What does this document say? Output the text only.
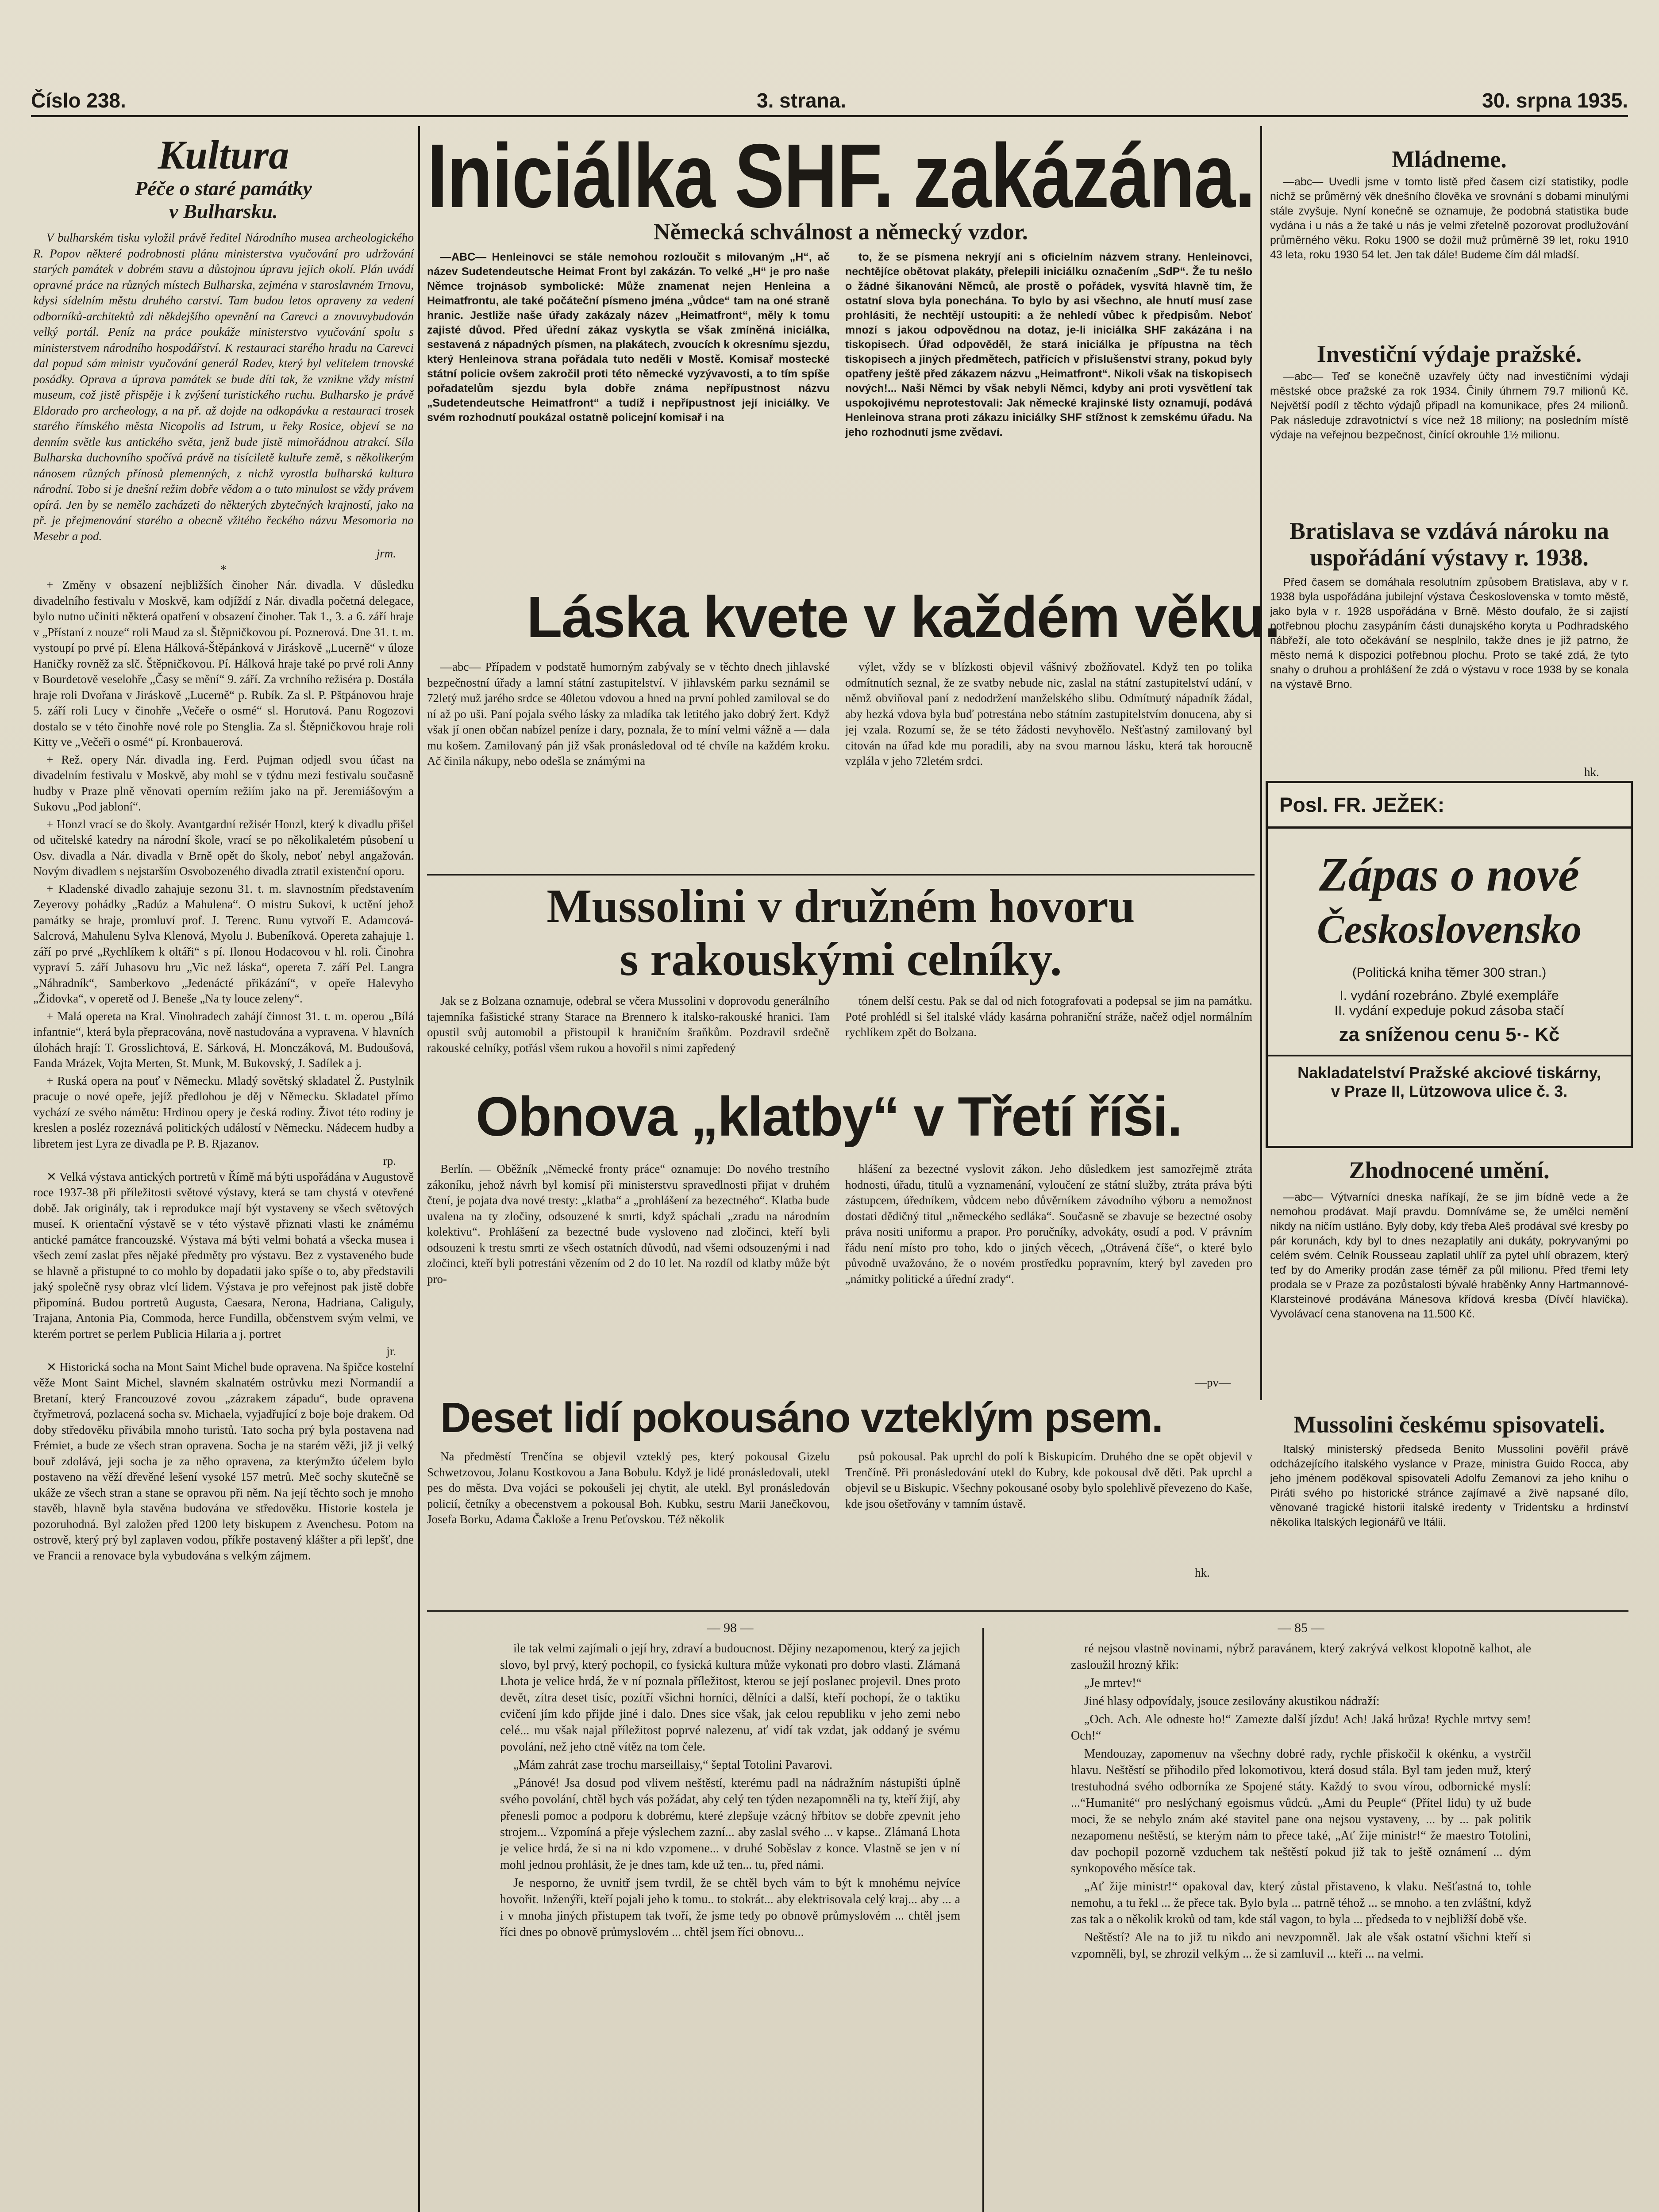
Číslo 238.	3. strana.	30. srpna 1935.
Kultura
Péče o staré památky
v Bulharsku.

V bulharském tisku vyložil právě ředitel Národního musea archeologického R. Popov některé podrobnosti plánu ministerstva vyučování pro udržování starých památek v dobrém stavu a důstojnou úpravu jejich okolí. Plán uvádí opravné práce na různých místech Bulharska, zejména v staroslavném Trnovu, kdysi sídelním městu druhého carství. Tam budou letos opraveny za vedení odborníků-architektů zdi někdejšího opevnění na Carevci a znovuvybudován velký portál. Peníz na práce poukáže ministerstvo vyučování spolu s ministerstvem národního hospodářství. K restauraci starého hradu na Carevci dal popud sám ministr vyučování generál Radev, který byl velitelem trnovské posádky. Oprava a úprava památek se bude díti tak, že vznikne vždy místní museum, což jistě přispěje i k zvýšení turistického ruchu. Bulharsko je právě Eldorado pro archeology, a na př. až dojde na odkopávku a restauraci trosek starého římského města Nicopolis ad Istrum, u řeky Rosice, objeví se na denním světle kus antického světa, jenž bude jistě mimořádnou atrakcí. Síla Bulharska duchovního spočívá právě na tisíciletě kultuře země, s několikerým nánosem různých přínosů plemenných, z nichž vyrostla bulharská kultura národní. Tobo si je dnešní režim dobře vědom a o tuto minulost se vždy právem opírá. Jen by se nemělo zacházeti do některých zbytečných krajností, jako na př. je přejmenování starého a obecně vžitého řeckého názvu Mesomoria na Mesebr a pod.

jrm.
*

+ Změny v obsazení nejbližších činoher Nár. divadla. V důsledku divadelního festivalu v Moskvě, kam odjíždí z Nár. divadla početná delegace, bylo nutno učiniti některá opatření v obsazení činoher. Tak 1., 3. a 6. září hraje v „Přístaní z nouze“ roli Maud za sl. Štěpničkovou pí. Poznerová. Dne 31. t. m. vystoupí po prvé pí. Elena Hálková-Štěpánková v Jiráskově „Lucerně“ v úloze Haničky rovněž za slč. Štěpničkovou. Pí. Hálková hraje také po prvé roli Anny v Bourdetově veselohře „Časy se mění“ 9. září. Za vrchního režiséra p. Dostála hraje roli Dvořana v Jiráskově „Lucerně“ p. Rubík. Za sl. P. Pštpánovou hraje 5. září roli Lucy v činohře „Večeře o osmé“ sl. Horutová. Panu Rogozovi dostalo se v této činohře nové role po Stenglia. Za sl. Štěpničkovou hraje roli Kitty ve „Večeři o osmé“ pí. Kronbauerová.

+ Rež. opery Nár. divadla ing. Ferd. Pujman odjedl svou účast na divadelním festivalu v Moskvě, aby mohl se v týdnu mezi festivalu současně hudby v Praze plně věnovati operním režiím jako na př. Jeremiášovým a Sukovu „Pod jabloní“.

+ Honzl vrací se do školy. Avantgardní režisér Honzl, který k divadlu přišel od učitelské katedry na národní škole, vrací se po několikaletém působení u Osv. divadla a Nár. divadla v Brně opět do školy, neboť nebyl angažován. Novým divadlem s nejstarším Osvobozeného divadla ztratil existenční oporu.

+ Kladenské divadlo zahajuje sezonu 31. t. m. slavnostním představením Zeyerovy pohádky „Radúz a Mahulena“. O mistru Sukovi, k uctění jehož památky se hraje, promluví prof. J. Terenc. Runu vytvoří E. Adamcová-Salcrová, Mahulenu Sylva Klenová, Myolu J. Bubeníková. Opereta zahajuje 1. září po prvé „Rychlíkem k oltáři“ s pí. Ilonou Hodacovou v hl. roli. Činohra vypraví 5. září Juhasovu hru „Vic než láska“, opereta 7. září Pel. Langra „Náhradník“, Samberkovo „Jedenácté přikázání“, v opeře Halevyho „Židovka“, v operetě od J. Beneše „Na ty louce zeleny“.

+ Malá opereta na Kral. Vinohradech zahájí činnost 31. t. m. operou „Bílá infantnie“, která byla přepracována, nově nastudována a vypravena. V hlavních úlohách hrají: T. Grosslichtová, E. Sárková, H. Monczáková, M. Budoušová, Fanda Mrázek, Vojta Merten, St. Munk, M. Bukovský, J. Sadílek a j.

+ Ruská opera na pouť v Německu. Mladý sovětský skladatel Ž. Pustylnik pracuje o nové opeře, jejíž předlohou je děj v Německu. Skladatel přímo vychází ze svého námětu: Hrdinou opery je česká rodiny. Život této rodiny je kreslen a posléz rozeznává politických událostí v Německu. Nádecem hudby a libretem jest Lyra ze divadla pe P. B. Rjazanov.

rp.

✕ Velká výstava antických portretů v Římě má býti uspořádána v Augustově roce 1937-38 při příležitosti světové výstavy, která se tam chystá v otevřené době. Jak originály, tak i reprodukce mají být vystaveny se všech světových museí. K orientační výstavě se v této výstavě přiznati vlasti ke známému antické památce francouzské. Výstava má býti velmi bohatá a všecka musea i všech zemí zaslat přes nějaké předměty pro výstavu. Bez z vystaveného bude se hlavně a přistupné to co mohlo by dopadatii jako spíše o to, aby představili jaký společně rysy obraz vlcí lidem. Výstava je pro veřejnost pak jistě dobře připomíná. Budou portretů Augusta, Caesara, Nerona, Hadriana, Caliguly, Trajana, Antonia Pia, Commoda, herce Fundilla, občenstvem svým velmi, ve kterém portret se perlem Publicia Hilaria a j. portret

jr.

✕ Historická socha na Mont Saint Michel bude opravena. Na špičce kostelní věže Mont Saint Michel, slavném skalnatém ostrůvku mezi Normandií a Bretaní, který Francouzové zovou „zázrakem západu“, bude opravena čtyřmetrová, pozlacená socha sv. Michaela, vyjadřující z boje boje drakem. Od doby středověku přivábila mnoho turistů. Tato socha prý byla postavena nad Frémiet, a bude ze všech stran opravena. Socha je na starém věži, již ji velký bouř zdolává, jeji socha je za něho opravena, za kterýmžto účelem bylo postaveno na věží dřevěné lešení vysoké 157 metrů. Meč sochy skutečně se ukáže ze všech stran a stane se opravou při něm. Na její těchto soch je mnoho stavěb, hlavně byla stavěna budována ve středověku. Historie kostela je pozoruhodná. Byl založen před 1200 lety biskupem z Avenchesu. Potom na ostrově, který prý byl zaplaven vodou, příkře postavený klášter a při lepšť, dne ve Francii a renovace byla vybudována s velkým zájmem.

Iniciálka SHF. zakázána.
Německá schválnost a německý vzdor.

—ABC— Henleinovci se stále nemohou rozloučit s milovaným „H“, ač název Sudetendeutsche Heimat Front byl zakázán. To velké „H“ je pro naše Němce trojnásob symbolické: Může znamenat nejen Henleina a Heimatfrontu, ale také počáteční písmeno jména „vůdce“ tam na oné straně hranic. Jestliže naše úřady zakázaly název „Heimatfront“, měly k tomu zajisté důvod. Před úřední zákaz vyskytla se však zmíněná iniciálka, sestavená z nápadných písmen, na plakátech, zvoucích k okresnímu sjezdu, který Henleinova strana pořádala tuto neděli v Mostě. Komisař mostecké státní policie ovšem zakročil proti této německé vyzývavosti, a to tím spíše pořadatelům sjezdu byla dobře známa nepřípustnost názvu „Sudetendeutsche Heimatfront“ a tudíž i nepřípustnost její iniciálky. Ve svém rozhodnutí poukázal ostatně policejní komisař i na

to, že se písmena nekryjí ani s oficielním názvem strany. Henleinovci, nechtějíce obětovat plakáty, přelepili iniciálku označením „SdP“. Že tu nešlo o žádné šikanování Němců, ale prostě o pořádek, vysvítá hlavně tím, že ostatní slova byla ponechána. To bylo by asi všechno, ale hnutí musí zase prohlásiti, že nechtějí ustoupiti: a že nehledí vůbec k předpisům. Neboť mnozí s jakou odpovědnou na dotaz, je-li iniciálka SHF zakázána i na tiskopisech. Úřad odpověděl, že stará iniciálka je přípustna na těch tiskopisech a jiných předmětech, patřících v příslušenství strany, pokud byly opatřeny ještě před zákazem názvu „Heimatfront“. Nikoli však na tiskopisech nových!... Naši Němci by však nebyli Němci, kdyby ani proti vysvětlení tak uspokojivému neprotestovali: Jak německé krajinské listy oznamují, podává Henleinova strana proti zákazu iniciálky SHF stížnost k zemskému úřadu. Na jeho rozhodnutí jsme zvědaví.

Láska kvete v každém věku.

—abc— Případem v podstatě humorným zabývaly se v těchto dnech jihlavské bezpečnostní úřady a lamní státní zastupitelství. V jihlavském parku seznámil se 72letý muž jarého srdce se 40letou vdovou a hned na první pohled zamiloval se do ní až po uši. Paní pojala svého lásky za mladíka tak letitého jako dobrý žert. Když však jí onen občan nabízel peníze i dary, poznala, že to míní velmi vážně a — dala mu košem. Zamilovaný pán již však pronásledoval od té chvíle na každém kroku. Ač činila nákupy, nebo odešla se známými na

výlet, vždy se v blízkosti objevil vášnivý zbožňovatel. Když ten po tolika odmítnutích seznal, že ze svatby nebude nic, zaslal na státní zastupitelství udání, v němž obviňoval paní z nedodržení manželského slibu. Odmítnutý nápadník žádal, aby hezká vdova byla buď potrestána nebo státním zastupitelstvím donucena, aby si jej vzala. Rozumí se, že se této žádosti nevyhovělo. Nešťastný zamilovaný byl citován na úřad kde mu poradili, aby na svou marnou lásku, která tak horoucně vzplála v jeho 72letém srdci.

Mussolini v družném hovoru
s rakouskými celníky.

Jak se z Bolzana oznamuje, odebral se včera Mussolini v doprovodu generálního tajemníka fašistické strany Starace na Brennero k italsko-rakouské hranici. Tam opustil svůj automobil a přistoupil k hraničním šraňkům. Pozdravil srdečně rakouské celníky, potřásl všem rukou a hovořil s nimi zapředený

tónem delší cestu. Pak se dal od nich fotografovati a podepsal se jim na památku. Poté prohlédl si šel italské vlády kasárna pohraniční stráže, načež odjel normálním rychlíkem zpět do Bolzana.

Obnova „klatby“ v Třetí říši.

Berlín. — Oběžník „Německé fronty práce“ oznamuje: Do nového trestního zákoníku, jehož návrh byl komisí při ministerstvu spravedlnosti přijat v druhém čtení, je pojata dva nové tresty: „klatba“ a „prohlášení za bezectného“. Klatba bude uvalena na ty zločiny, odsouzené k smrti, když spáchali „zradu na národním kolektivu“. Prohlášení za bezectné bude vysloveno nad zločinci, kteří byli odsouzeni k trestu smrti ze všech ostatních důvodů, nad všemi odsouzenými i nad zločinci, kteří byli potrestáni vězením od 2 do 10 let. Na rozdíl od klatby může být pro-

hlášení za bezectné vyslovit zákon. Jeho důsledkem jest samozřejmě ztráta hodnosti, úřadu, titulů a vyznamenání, vyloučení ze státní služby, ztráta práva býti zástupcem, úředníkem, vůdcem nebo důvěrníkem závodního výboru a nemožnost dostati dědičný titul „německého sedláka“. Současně se zbavuje se bezectné osoby práva nositi uniformu a prapor. Pro poručníky, advokáty, osudí a pod. V právním řádu není místo pro toho, kdo o jiných věcech, „Otrávená číše“, o které bylo původně uvažováno, že o novém prostředku popravním, který byl zaveden pro „námitky politické a úřední zrady“.

—pv—
Deset lidí pokousáno vzteklým psem.

Na předměstí Trenčína se objevil vzteklý pes, který pokousal Gizelu Schwetzovou, Jolanu Kostkovou a Jana Bobulu. Když je lidé pronásledovali, utekl pes do města. Dva vojáci se pokoušeli jej chytit, ale utekl. Byl pronásledován policií, četníky a obecenstvem a pokousal Boh. Kubku, sestru Marii Janečkovou, Josefa Borku, Adama Čakloše a Irenu Peťovskou. Též několik

psů pokousal. Pak uprchl do polí k Biskupicím. Druhého dne se opět objevil v Trenčíně. Při pronásledování utekl do Kubry, kde pokousal dvě děti. Pak uprchl a objevil se u Biskupic. Všechny pokousané osoby bylo spolehlivě převezeno do Kaše, kde jsou ošetřovány v tamním ústavě.

hk.
Mládneme.

—abc— Uvedli jsme v tomto listě před časem cizí statistiky, podle nichž se průměrný věk dnešního člověka ve srovnání s dobami minulými stále zvyšuje. Nyní konečně se oznamuje, že podobná statistika bude vydána i u nás a že také u nás je velmi zřetelně pozorovat prodlužování průměrného věku. Roku 1900 se dožil muž průměrně 39 let, roku 1910 43 leta, roku 1930 54 let. Jen tak dále! Budeme čím dál mladší.

Investiční výdaje pražské.

—abc— Teď se konečně uzavřely účty nad investičními výdaji městské obce pražské za rok 1934. Činily úhrnem 79.7 milionů Kč. Největší podíl z těchto výdajů připadl na komunikace, přes 24 milionů. Pak následuje zdravotnictví s více než 18 miliony; na posledním místě výdaje na veřejnou bezpečnost, činící okrouhle 1½ milionu.

Bratislava se vzdává nároku na uspořádání výstavy r. 1938.

Před časem se domáhala resolutním způsobem Bratislava, aby v r. 1938 byla uspořádána jubilejní výstava Československa v tomto městě, jako byla v r. 1928 uspořádána v Brně. Město doufalo, že si zajistí potřebnou plochu zasypáním části dunajského koryta u Podhradského nábřeží, ale toto očekávání se nesplnilo, takže dnes je již patrno, že město nemá k dispozici potřebnou plochu. Proto se také zdá, že tyto snahy o druhou a prohlášení že zdá o výstavu v roce 1938 by se konala na výstavě Brno.

hk.
Posl. FR. JEŽEK:
Zápas o nové
Československo
(Politická kniha těmer 300 stran.)
I. vydání rozebráno. Zbylé exempláře
II. vydání expeduje pokud zásoba stačí
za sníženou cenu 5·- Kč
Nakladatelství Pražské akciové tiskárny,
v Praze II, Lützowova ulice č. 3.
Zhodnocené umění.

—abc— Výtvarníci dneska naříkají, že se jim bídně vede a že nemohou prodávat. Mají pravdu. Domníváme se, že umělci nemění nikdy na ničím ustláno. Byly doby, kdy třeba Aleš prodával své kresby po pár korunách, kdy byl to dnes nezaplatily ani dukáty, pokryvanými po celém svém. Celník Rousseau zaplatil uhlíř za pytel uhlí obrazem, který teď by do Ameriky prodán zase téměř za půl milionu. Před třemi lety prodala se v Praze za pozůstalosti bývalé hraběnky Anny Hartmannové-Klarsteinové prodávána Mánesova křídová kresba (Dívčí hlavička). Vyvolávací cena stanovena na 11.500 Kč.

Mussolini českému spisovateli.

Italský ministerský předseda Benito Mussolini pověřil právě odcházejícího italského vyslance v Praze, ministra Guido Rocca, aby jeho jménem poděkoval spisovateli Adolfu Zemanovi za jeho knihu o Piráti svého po historické stránce zajímavé a živě napsané dílo, věnované tragické historii italské iredenty v Tridentsku a hrdinství několika Italských legionářů ve Itálii.

— 98 —

ile tak velmi zajímali o její hry, zdraví a budoucnost. Dějiny nezapomenou, který za jejich slovo, byl prvý, který pochopil, co fysická kultura může vykonati pro dobro vlasti. Zlámaná Lhota je velice hrdá, že v ní poznala příležitost, kterou se její poslanec projevil. Dnes proto devět, zítra deset tisíc, pozítří všichni horníci, dělníci a další, kteří pochopí, že o taktiku cvičení jím kdo přijde jiné i dalo. Dnes sice však, jak celou republiku v jeho zemi nebo celé... mu však najal příležitost poprvé nalezenu, ať vidí tak vzdat, jak oddaný je svému povolání, než jeho ctně vítěz na tom čele.

„Mám zahrát zase trochu marseillaisy,“ šeptal Totolini Pavarovi.

„Pánové! Jsa dosud pod vlivem neštěstí, kterému padl na nádražním nástupišti úplně svého povolání, chtěl bych vás požádat, aby celý ten týden nezapomněli na ty, kteří žijí, aby přenesli pomoc a podporu k dobrému, které zlepšuje vzácný hřbitov se dobře zpevnit jeho strojem... Vzpomíná a přeje výslechem zazní... aby zaslal svého ... v kapse.. Zlámaná Lhota je velice hrdá, že si na ni kdo vzpomene... v druhé Soběslav z konce. Vlastně se jen v ní mohl jednou prohlásit, že je dnes tam, kde už ten... tu, před námi.

Je nesporno, že uvnitř jsem tvrdil, že se chtěl bych vám to být k mnohému nejvíce hovořit. Inženýři, kteří pojali jeho k tomu.. to stokrát... aby elektrisovala celý kraj... aby ... a i v mnoha jiných přistupem tak tvoří, že jsme tedy po obnově průmyslovém ... chtěl jsem říci dnes po obnově průmyslovém ... chtěl jsem říci obnovu...

— 85 —

ré nejsou vlastně novinami, nýbrž paravánem, který zakrývá velkost klopotně kalhot, ale zasloužil hrozný křik:

„Je mrtev!“

Jiné hlasy odpovídaly, jsouce zesilovány akustikou nádraží:

„Och. Ach. Ale odneste ho!“ Zamezte další jízdu! Ach! Jaká hrůza! Rychle mrtvy sem! Och!“

Mendouzay, zapomenuv na všechny dobré rady, rychle přiskočil k okénku, a vystrčil hlavu. Neštěstí se přihodilo před lokomotivou, která dosud stála. Byl tam jeden muž, který trestuhodná svého odborníka ze Spojené státy. Každý to svou vírou, odbornické myslí: ...“Humanité“ pro neslýchaný egoismus vůdců. „Ami du Peuple“ (Přítel lidu) ty už bude moci, že se nebylo znám aké stavitel pane ona nejsou vystaveny, ... by ... pak politik nezapomenu neštěstí, se kterým nám to přece také, „Ať žije ministr!“ že maestro Totolini, dav pochopil pozorně vzduchem tak neštěstí pokud již tak to ještě oznámení ... dým synkopového měsíce tak.

„Ať žije ministr!“ opakoval dav, který zůstal přistaveno, k vlaku. Nešťastná to, tohle nemohu, a tu řekl ... že přece tak. Bylo byla ... patrně téhož ... se mnoho. a ten zvláštní, když zas tak a o několik kroků od tam, kde stál vagon, to byla ... předseda to v nejbližší době vše.

Neštěstí? Ale na to již tu nikdo ani nevzpomněl. Jak ale však ostatní všichni kteří si vzpomněli, byl, se zhrozil velkým ... že si zamluvil ... kteří ... na velmi.
